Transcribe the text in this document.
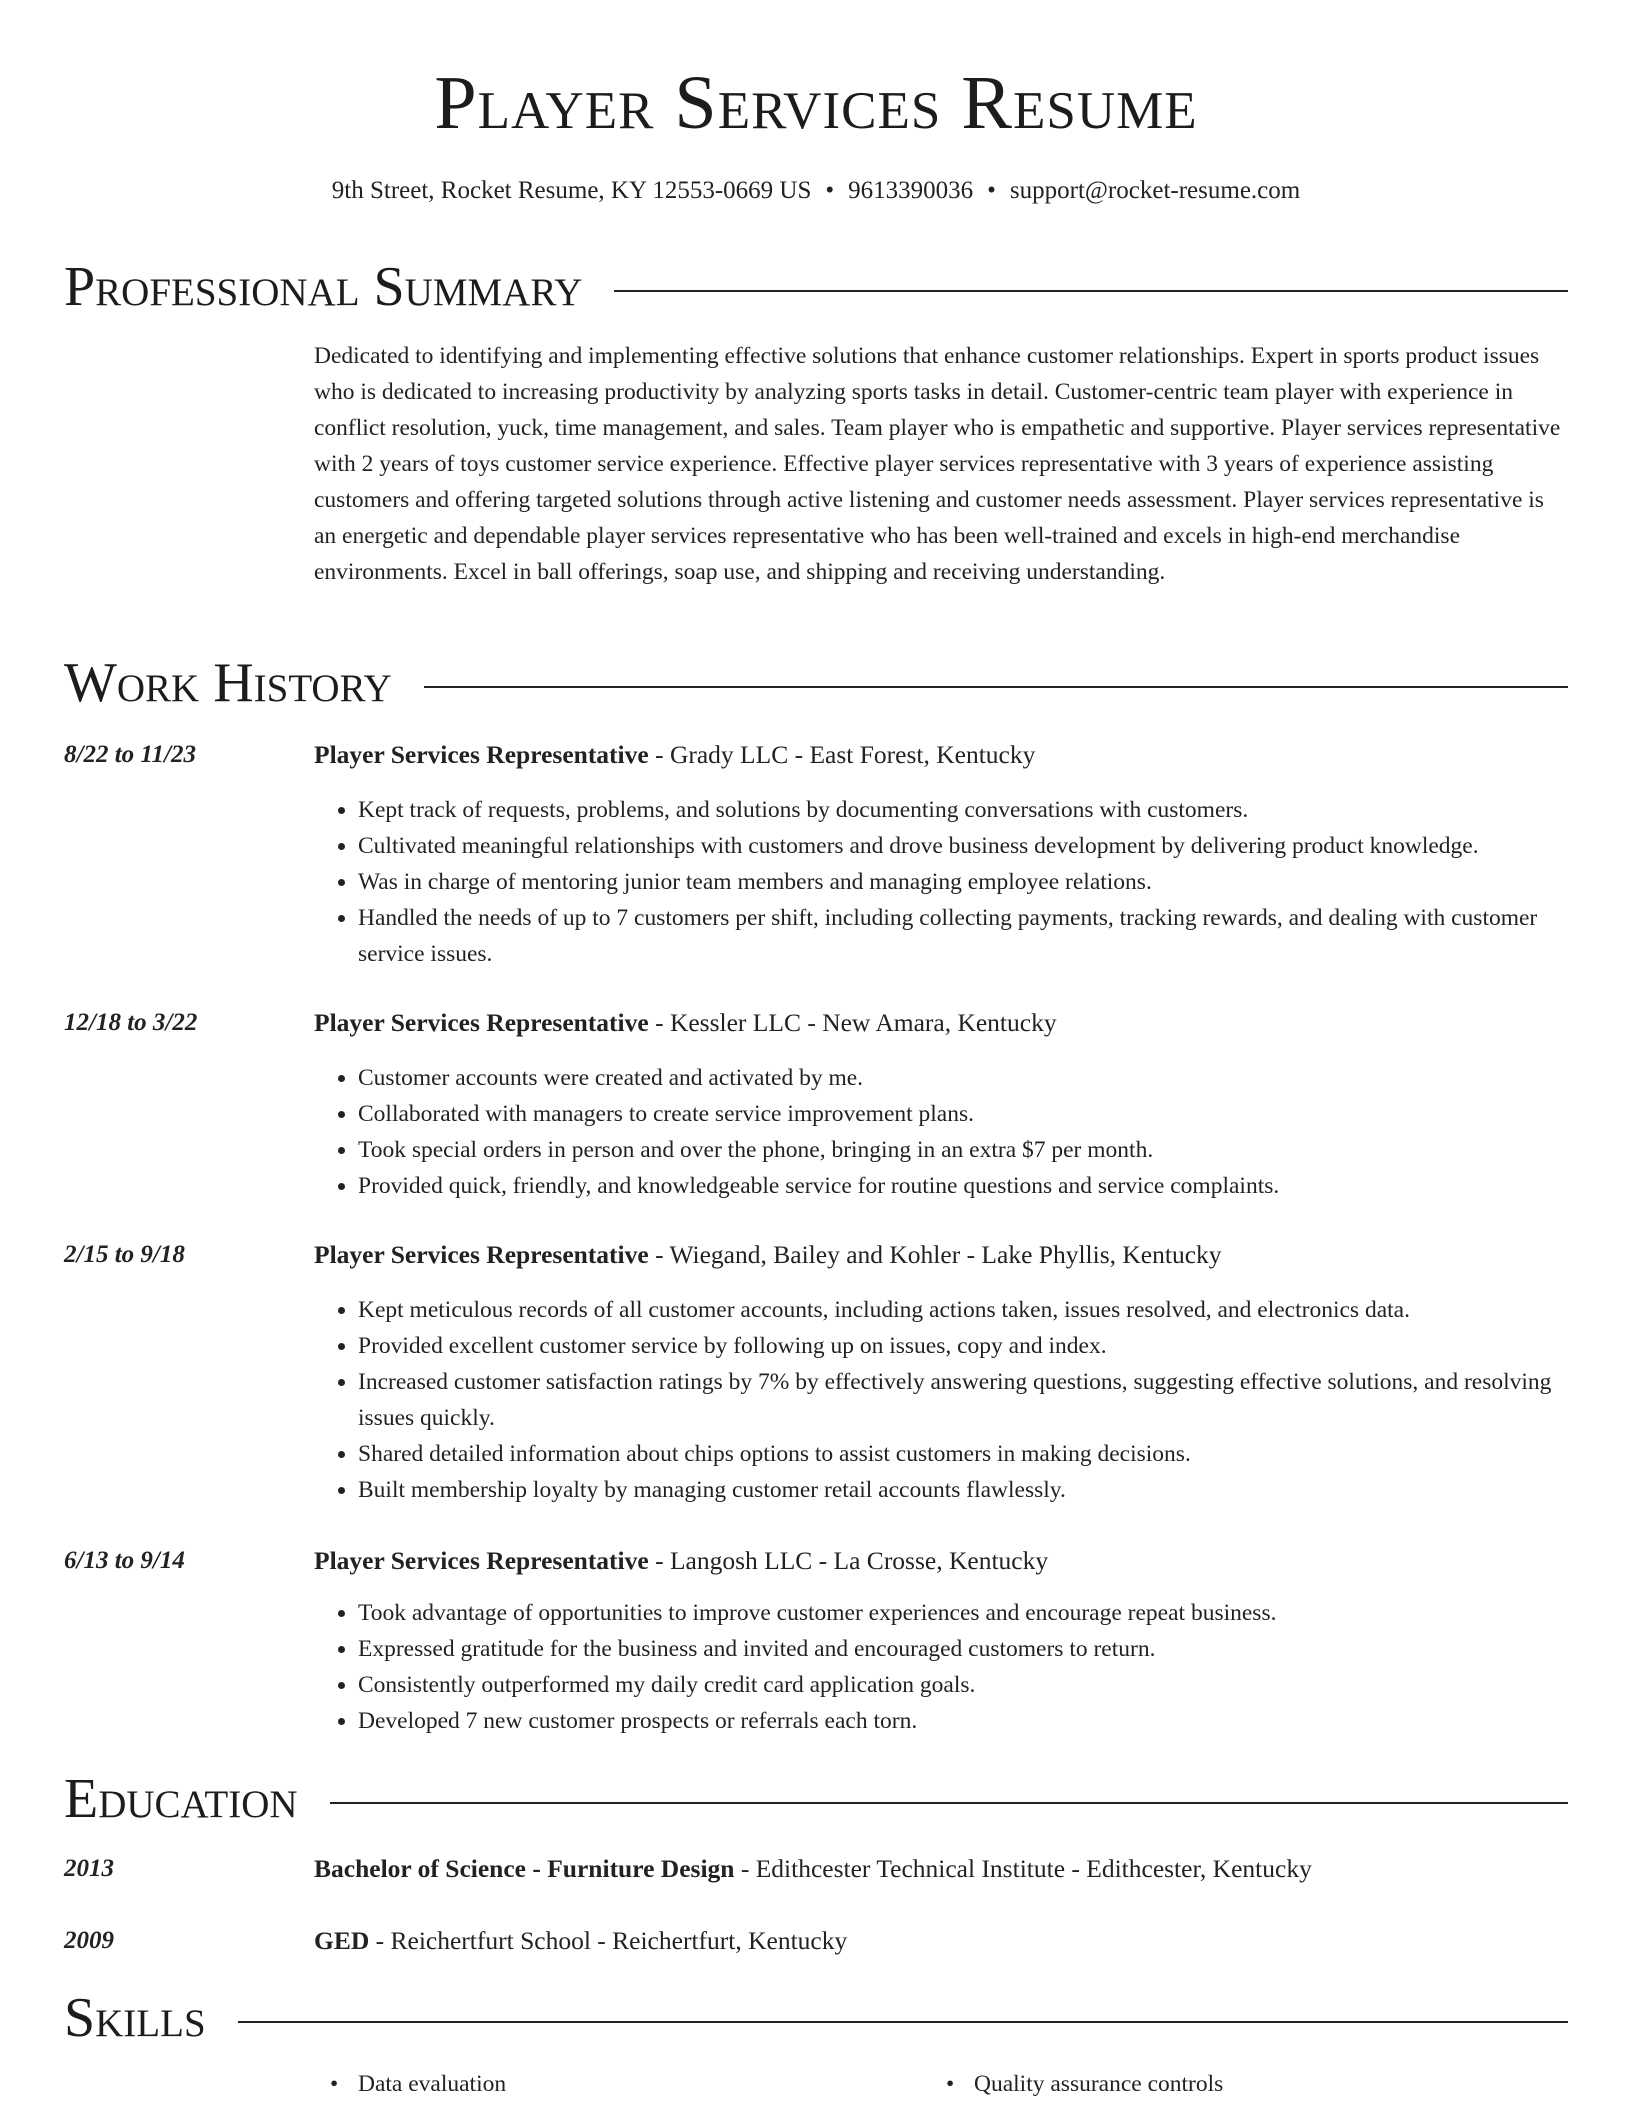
Player Services Resume
9th Street, Rocket Resume, KY 12553-0669 US • 9613390036 • support@rocket-resume.com
Professional Summary

Dedicated to identifying and implementing effective solutions that enhance customer relationships. Expert in sports product issues who is dedicated to increasing productivity by analyzing sports tasks in detail. Customer-centric team player with experience in conflict resolution, yuck, time management, and sales. Team player who is empathetic and supportive. Player services representative with 2 years of toys customer service experience. Effective player services representative with 3 years of experience assisting customers and offering targeted solutions through active listening and customer needs assessment. Player services representative is an energetic and dependable player services representative who has been well-trained and excels in high-end merchandise environments. Excel in ball offerings, soap use, and shipping and receiving understanding.

Work History
8/22 to 11/23	Player Services Representative - Grady LLC - East Forest, Kentucky
• Kept track of requests, problems, and solutions by documenting conversations with customers.
• Cultivated meaningful relationships with customers and drove business development by delivering product knowledge.
• Was in charge of mentoring junior team members and managing employee relations.
• Handled the needs of up to 7 customers per shift, including collecting payments, tracking rewards, and dealing with customer service issues.
12/18 to 3/22	Player Services Representative - Kessler LLC - New Amara, Kentucky
• Customer accounts were created and activated by me.
• Collaborated with managers to create service improvement plans.
• Took special orders in person and over the phone, bringing in an extra $7 per month.
• Provided quick, friendly, and knowledgeable service for routine questions and service complaints.
2/15 to 9/18	Player Services Representative - Wiegand, Bailey and Kohler - Lake Phyllis, Kentucky
• Kept meticulous records of all customer accounts, including actions taken, issues resolved, and electronics data.
• Provided excellent customer service by following up on issues, copy and index.
• Increased customer satisfaction ratings by 7% by effectively answering questions, suggesting effective solutions, and resolving issues quickly.
• Shared detailed information about chips options to assist customers in making decisions.
• Built membership loyalty by managing customer retail accounts flawlessly.
6/13 to 9/14	Player Services Representative - Langosh LLC - La Crosse, Kentucky
• Took advantage of opportunities to improve customer experiences and encourage repeat business.
• Expressed gratitude for the business and invited and encouraged customers to return.
• Consistently outperformed my daily credit card application goals.
• Developed 7 new customer prospects or referrals each torn.
Education
2013	Bachelor of Science - Furniture Design - Edithcester Technical Institute - Edithcester, Kentucky
2009	GED - Reichertfurt School - Reichertfurt, Kentucky
Skills
• Data evaluation
•	Quality assurance controls
